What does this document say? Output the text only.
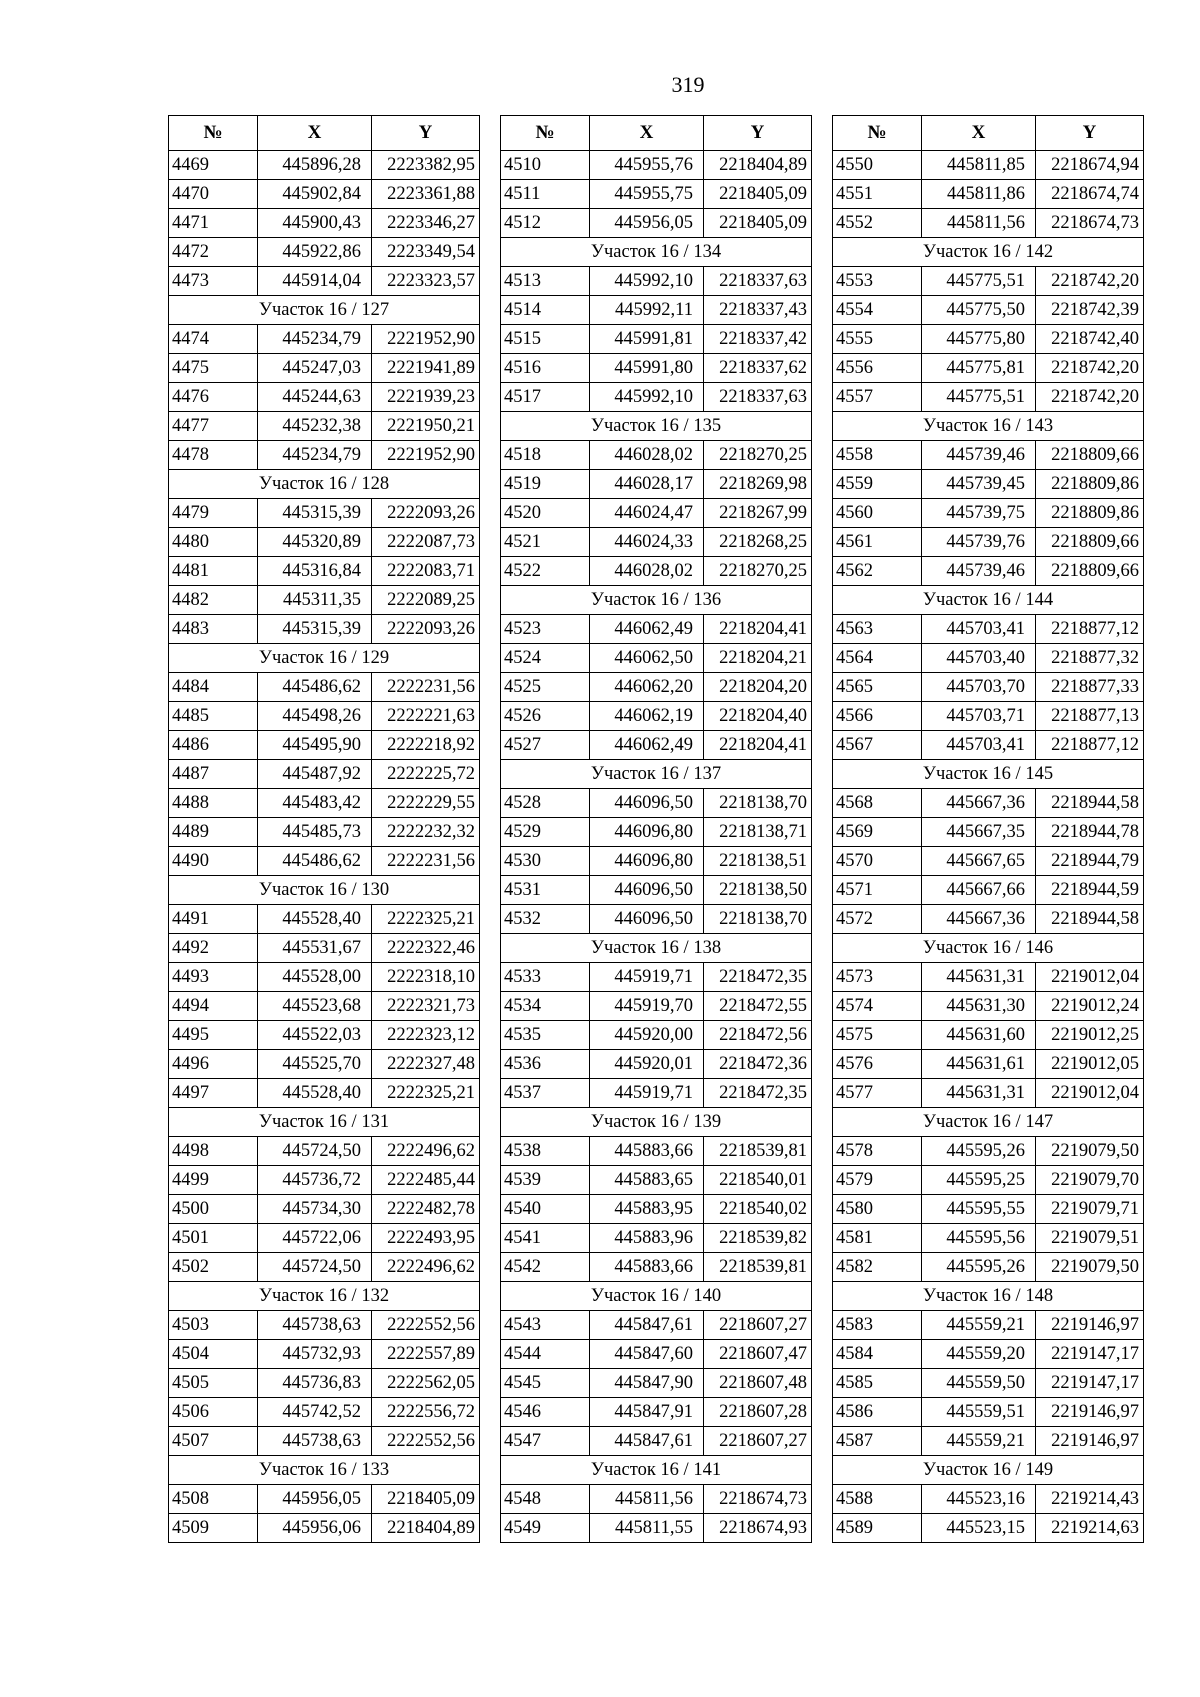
319
№	X	Y
4469	445896,28	2223382,95
4470	445902,84	2223361,88
4471	445900,43	2223346,27
4472	445922,86	2223349,54
4473	445914,04	2223323,57
Участок 16 / 127		
4474	445234,79	2221952,90
4475	445247,03	2221941,89
4476	445244,63	2221939,23
4477	445232,38	2221950,21
4478	445234,79	2221952,90
Участок 16 / 128		
4479	445315,39	2222093,26
4480	445320,89	2222087,73
4481	445316,84	2222083,71
4482	445311,35	2222089,25
4483	445315,39	2222093,26
Участок 16 / 129		
4484	445486,62	2222231,56
4485	445498,26	2222221,63
4486	445495,90	2222218,92
4487	445487,92	2222225,72
4488	445483,42	2222229,55
4489	445485,73	2222232,32
4490	445486,62	2222231,56
Участок 16 / 130		
4491	445528,40	2222325,21
4492	445531,67	2222322,46
4493	445528,00	2222318,10
4494	445523,68	2222321,73
4495	445522,03	2222323,12
4496	445525,70	2222327,48
4497	445528,40	2222325,21
Участок 16 / 131		
4498	445724,50	2222496,62
4499	445736,72	2222485,44
4500	445734,30	2222482,78
4501	445722,06	2222493,95
4502	445724,50	2222496,62
Участок 16 / 132		
4503	445738,63	2222552,56
4504	445732,93	2222557,89
4505	445736,83	2222562,05
4506	445742,52	2222556,72
4507	445738,63	2222552,56
Участок 16 / 133		
4508	445956,05	2218405,09
4509	445956,06	2218404,89
№	X	Y
4510	445955,76	2218404,89
4511	445955,75	2218405,09
4512	445956,05	2218405,09
Участок 16 / 134		
4513	445992,10	2218337,63
4514	445992,11	2218337,43
4515	445991,81	2218337,42
4516	445991,80	2218337,62
4517	445992,10	2218337,63
Участок 16 / 135		
4518	446028,02	2218270,25
4519	446028,17	2218269,98
4520	446024,47	2218267,99
4521	446024,33	2218268,25
4522	446028,02	2218270,25
Участок 16 / 136		
4523	446062,49	2218204,41
4524	446062,50	2218204,21
4525	446062,20	2218204,20
4526	446062,19	2218204,40
4527	446062,49	2218204,41
Участок 16 / 137		
4528	446096,50	2218138,70
4529	446096,80	2218138,71
4530	446096,80	2218138,51
4531	446096,50	2218138,50
4532	446096,50	2218138,70
Участок 16 / 138		
4533	445919,71	2218472,35
4534	445919,70	2218472,55
4535	445920,00	2218472,56
4536	445920,01	2218472,36
4537	445919,71	2218472,35
Участок 16 / 139		
4538	445883,66	2218539,81
4539	445883,65	2218540,01
4540	445883,95	2218540,02
4541	445883,96	2218539,82
4542	445883,66	2218539,81
Участок 16 / 140		
4543	445847,61	2218607,27
4544	445847,60	2218607,47
4545	445847,90	2218607,48
4546	445847,91	2218607,28
4547	445847,61	2218607,27
Участок 16 / 141		
4548	445811,56	2218674,73
4549	445811,55	2218674,93
№	X	Y
4550	445811,85	2218674,94
4551	445811,86	2218674,74
4552	445811,56	2218674,73
Участок 16 / 142		
4553	445775,51	2218742,20
4554	445775,50	2218742,39
4555	445775,80	2218742,40
4556	445775,81	2218742,20
4557	445775,51	2218742,20
Участок 16 / 143		
4558	445739,46	2218809,66
4559	445739,45	2218809,86
4560	445739,75	2218809,86
4561	445739,76	2218809,66
4562	445739,46	2218809,66
Участок 16 / 144		
4563	445703,41	2218877,12
4564	445703,40	2218877,32
4565	445703,70	2218877,33
4566	445703,71	2218877,13
4567	445703,41	2218877,12
Участок 16 / 145		
4568	445667,36	2218944,58
4569	445667,35	2218944,78
4570	445667,65	2218944,79
4571	445667,66	2218944,59
4572	445667,36	2218944,58
Участок 16 / 146		
4573	445631,31	2219012,04
4574	445631,30	2219012,24
4575	445631,60	2219012,25
4576	445631,61	2219012,05
4577	445631,31	2219012,04
Участок 16 / 147		
4578	445595,26	2219079,50
4579	445595,25	2219079,70
4580	445595,55	2219079,71
4581	445595,56	2219079,51
4582	445595,26	2219079,50
Участок 16 / 148		
4583	445559,21	2219146,97
4584	445559,20	2219147,17
4585	445559,50	2219147,17
4586	445559,51	2219146,97
4587	445559,21	2219146,97
Участок 16 / 149		
4588	445523,16	2219214,43
4589	445523,15	2219214,63
